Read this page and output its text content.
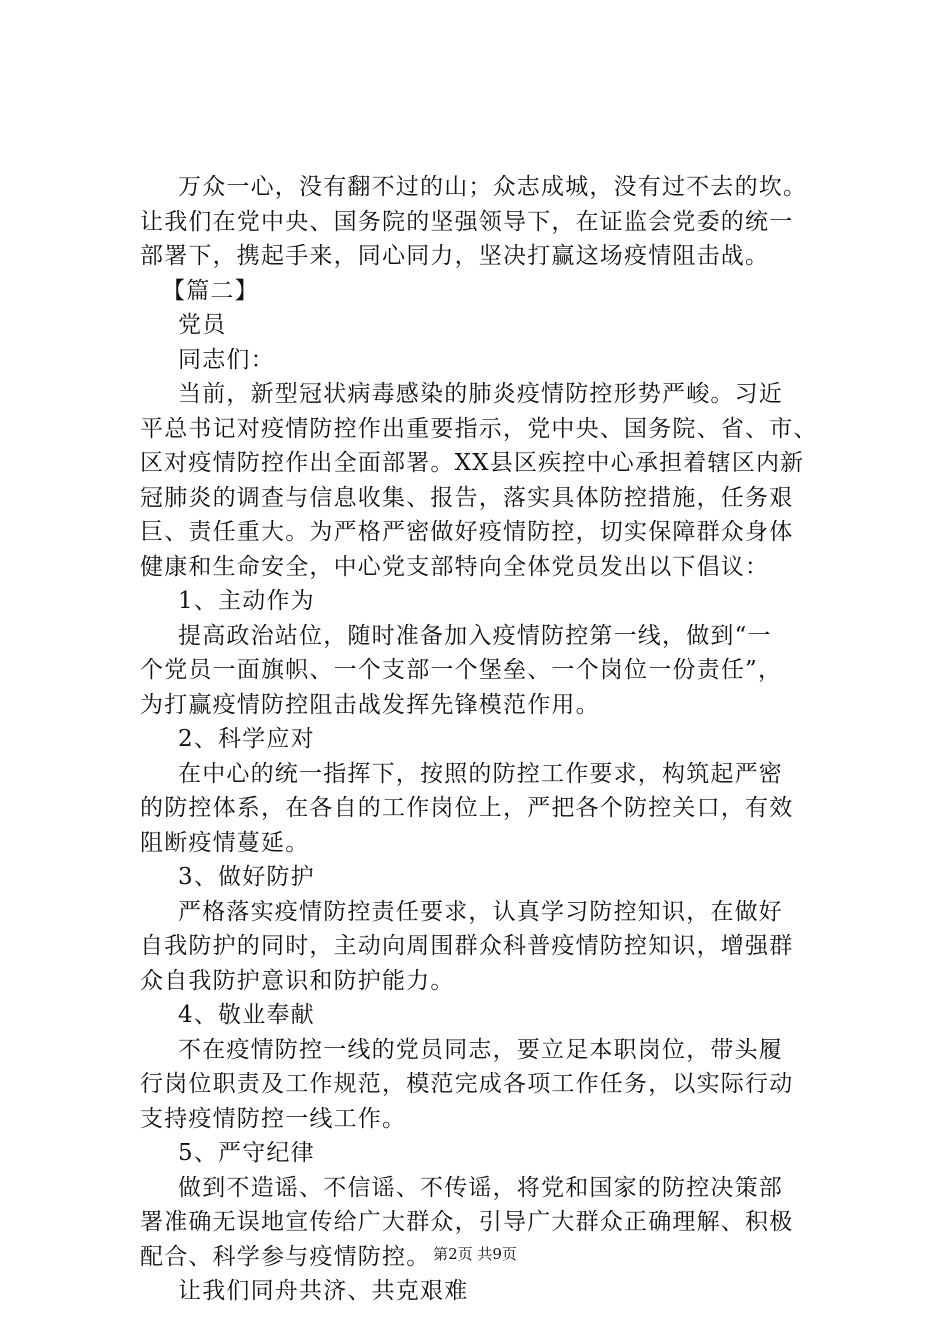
万众一心，没有翻不过的山；众志成城，没有过不去的坎。
让我们在党中央、国务院的坚强领导下，在证监会党委的统一
部署下，携起手来，同心同力，坚决打赢这场疫情阻击战。
【篇二】
党员
同志们：
当前，新型冠状病毒感染的肺炎疫情防控形势严峻。习近
平总书记对疫情防控作出重要指示，党中央、国务院、省、市、
区对疫情防控作出全面部署。XX县区疾控中心承担着辖区内新
冠肺炎的调查与信息收集、报告，落实具体防控措施，任务艰
巨、责任重大。为严格严密做好疫情防控，切实保障群众身体
健康和生命安全，中心党支部特向全体党员发出以下倡议：
1、主动作为
提高政治站位，随时准备加入疫情防控第一线，做到“一
个党员一面旗帜、一个支部一个堡垒、一个岗位一份责任”，
为打赢疫情防控阻击战发挥先锋模范作用。
2、科学应对
在中心的统一指挥下，按照的防控工作要求，构筑起严密
的防控体系，在各自的工作岗位上，严把各个防控关口，有效
阻断疫情蔓延。
3、做好防护
严格落实疫情防控责任要求，认真学习防控知识，在做好
自我防护的同时，主动向周围群众科普疫情防控知识，增强群
众自我防护意识和防护能力。
4、敬业奉献
不在疫情防控一线的党员同志，要立足本职岗位，带头履
行岗位职责及工作规范，模范完成各项工作任务，以实际行动
支持疫情防控一线工作。
5、严守纪律
做到不造谣、不信谣、不传谣，将党和国家的防控决策部
署准确无误地宣传给广大群众，引导广大群众正确理解、积极
配合、科学参与疫情防控。
让我们同舟共济、共克艰难
第2页 共9页
